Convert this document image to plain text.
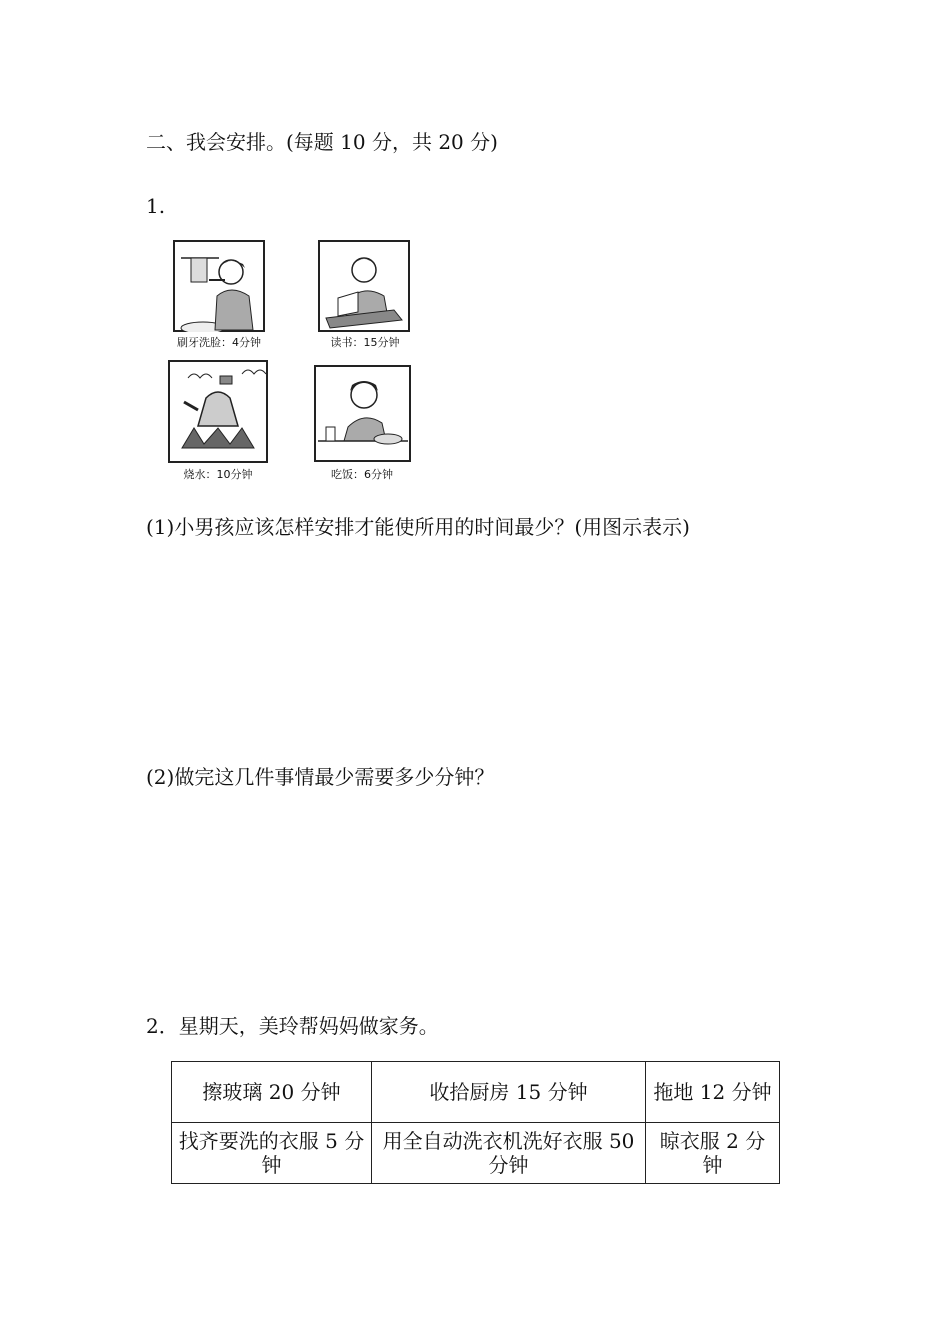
二、我会安排。(每题 10 分，共 20 分)
1.
刷牙洗脸：4分钟	读书：15分钟
烧水：10分钟	吃饭：6分钟
(1)小男孩应该怎样安排才能使所用的时间最少？(用图示表示)
(2)做完这几件事情最少需要多少分钟？
2．星期天，美玲帮妈妈做家务。
擦玻璃 20 分钟	收拾厨房 15 分钟	拖地 12 分钟
找齐要洗的衣服 5 分钟	用全自动洗衣机洗好衣服 50 分钟	晾衣服 2 分钟
